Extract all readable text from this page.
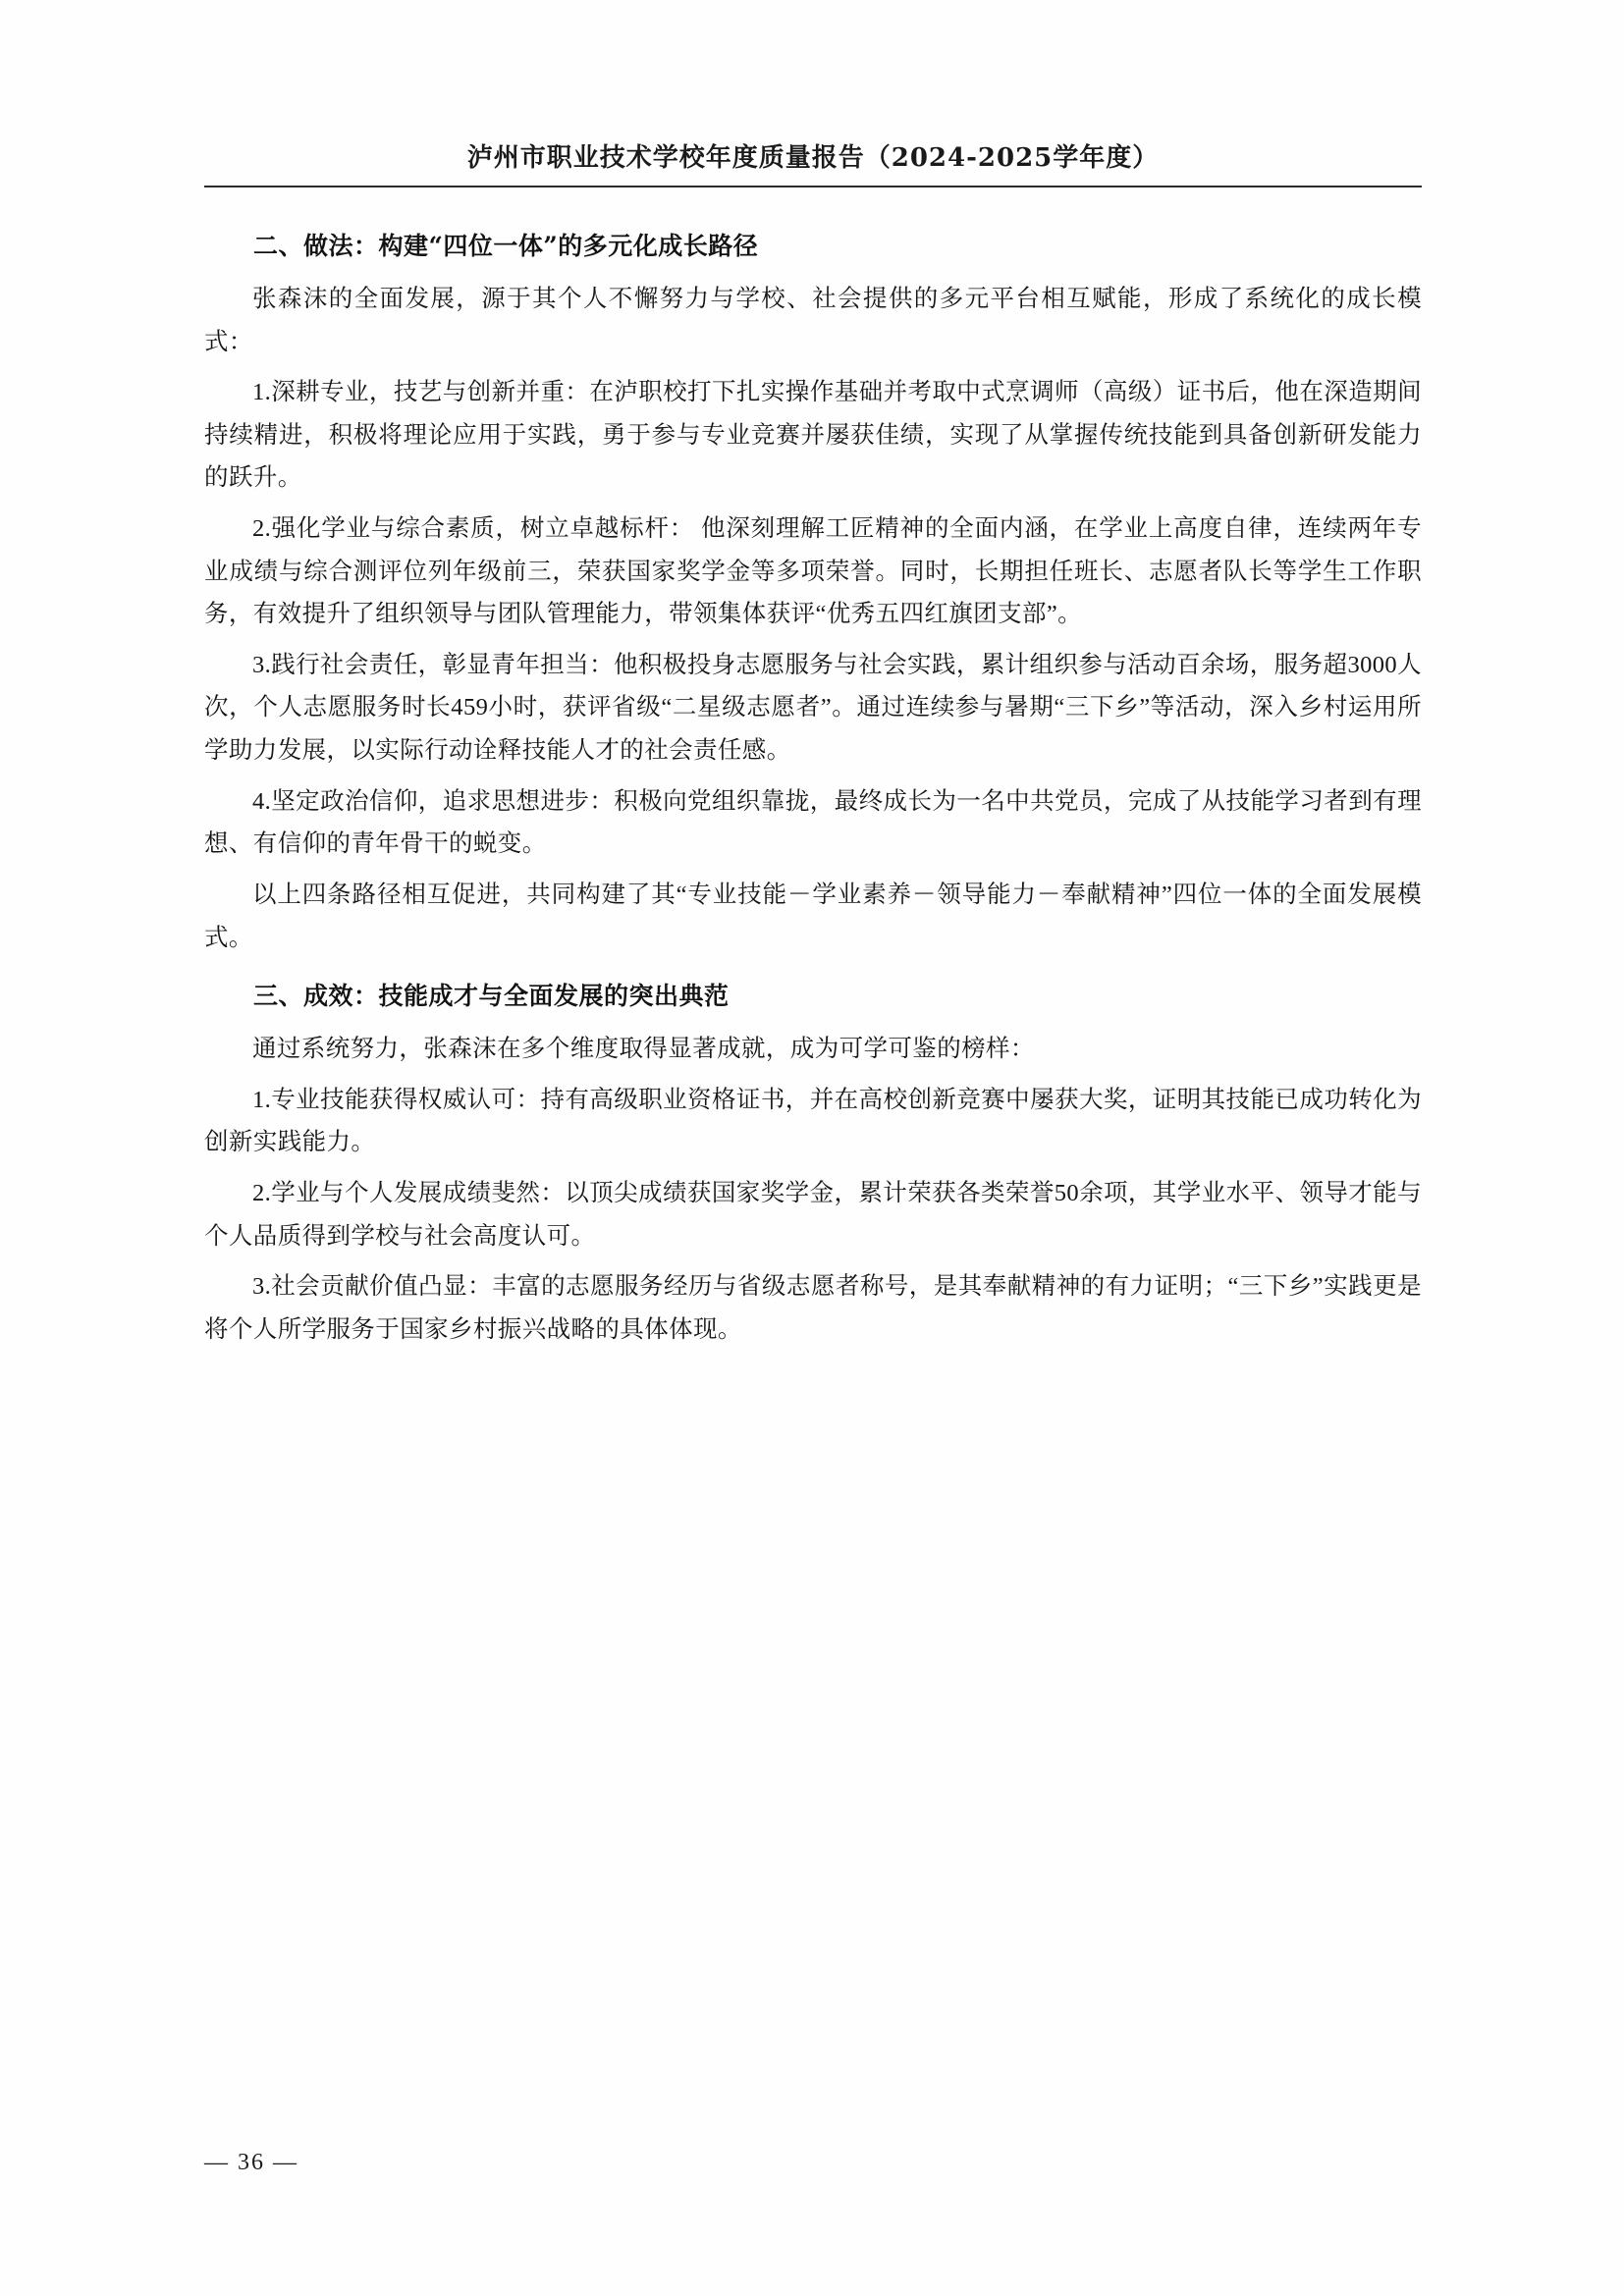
泸州市职业技术学校年度质量报告（2024-2025学年度）
二、做法：构建“四位一体”的多元化成长路径

张森沫的全面发展，源于其个人不懈努力与学校、社会提供的多元平台相互赋能，形成了系统化的成长模式：

1.深耕专业，技艺与创新并重：在泸职校打下扎实操作基础并考取中式烹调师（高级）证书后，他在深造期间持续精进，积极将理论应用于实践，勇于参与专业竞赛并屡获佳绩，实现了从掌握传统技能到具备创新研发能力的跃升。

2.强化学业与综合素质，树立卓越标杆： 他深刻理解工匠精神的全面内涵，在学业上高度自律，连续两年专业成绩与综合测评位列年级前三，荣获国家奖学金等多项荣誉。同时，长期担任班长、志愿者队长等学生工作职务，有效提升了组织领导与团队管理能力，带领集体获评“优秀五四红旗团支部”。

3.践行社会责任，彰显青年担当：他积极投身志愿服务与社会实践，累计组织参与活动百余场，服务超3000人次，个人志愿服务时长459小时，获评省级“二星级志愿者”。通过连续参与暑期“三下乡”等活动，深入乡村运用所学助力发展，以实际行动诠释技能人才的社会责任感。

4.坚定政治信仰，追求思想进步：积极向党组织靠拢，最终成长为一名中共党员，完成了从技能学习者到有理想、有信仰的青年骨干的蜕变。

以上四条路径相互促进，共同构建了其“专业技能－学业素养－领导能力－奉献精神”四位一体的全面发展模式。

三、成效：技能成才与全面发展的突出典范

通过系统努力，张森沫在多个维度取得显著成就，成为可学可鉴的榜样：

1.专业技能获得权威认可：持有高级职业资格证书，并在高校创新竞赛中屡获大奖，证明其技能已成功转化为创新实践能力。

2.学业与个人发展成绩斐然：以顶尖成绩获国家奖学金，累计荣获各类荣誉50余项，其学业水平、领导才能与个人品质得到学校与社会高度认可。

3.社会贡献价值凸显：丰富的志愿服务经历与省级志愿者称号，是其奉献精神的有力证明；“三下乡”实践更是将个人所学服务于国家乡村振兴战略的具体体现。

— 36 —
